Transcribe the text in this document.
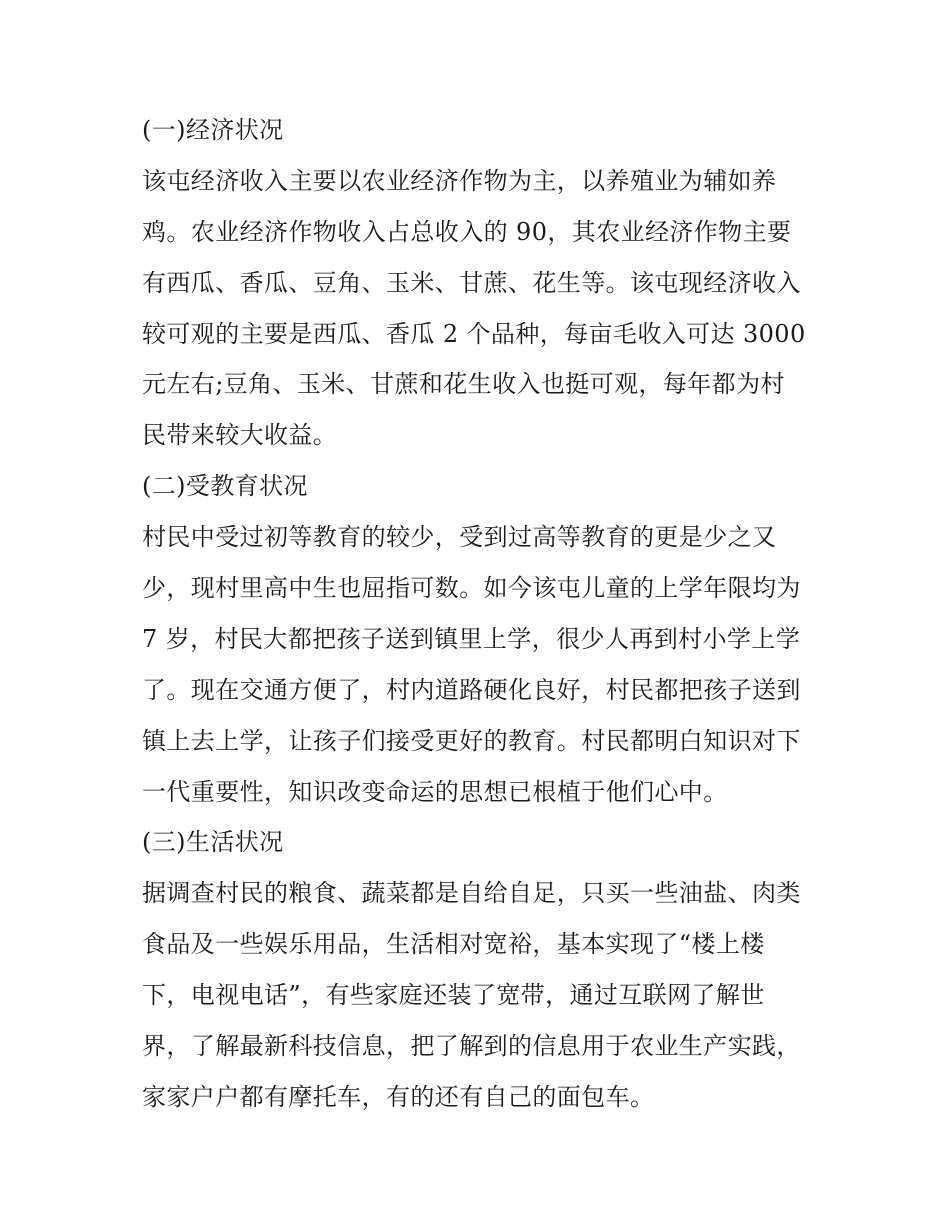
(一)经济状况
该屯经济收入主要以农业经济作物为主，以养殖业为辅如养
鸡。农业经济作物收入占总收入的 90，其农业经济作物主要
有西瓜、香瓜、豆角、玉米、甘蔗、花生等。该屯现经济收入
较可观的主要是西瓜、香瓜 2 个品种，每亩毛收入可达 3000
元左右;豆角、玉米、甘蔗和花生收入也挺可观，每年都为村
民带来较大收益。
(二)受教育状况
村民中受过初等教育的较少，受到过高等教育的更是少之又
少，现村里高中生也屈指可数。如今该屯儿童的上学年限均为
7 岁，村民大都把孩子送到镇里上学，很少人再到村小学上学
了。现在交通方便了，村内道路硬化良好，村民都把孩子送到
镇上去上学，让孩子们接受更好的教育。村民都明白知识对下
一代重要性，知识改变命运的思想已根植于他们心中。
(三)生活状况
据调查村民的粮食、蔬菜都是自给自足，只买一些油盐、肉类
食品及一些娱乐用品，生活相对宽裕，基本实现了“楼上楼
下，电视电话”，有些家庭还装了宽带，通过互联网了解世
界，了解最新科技信息，把了解到的信息用于农业生产实践，
家家户户都有摩托车，有的还有自己的面包车。
